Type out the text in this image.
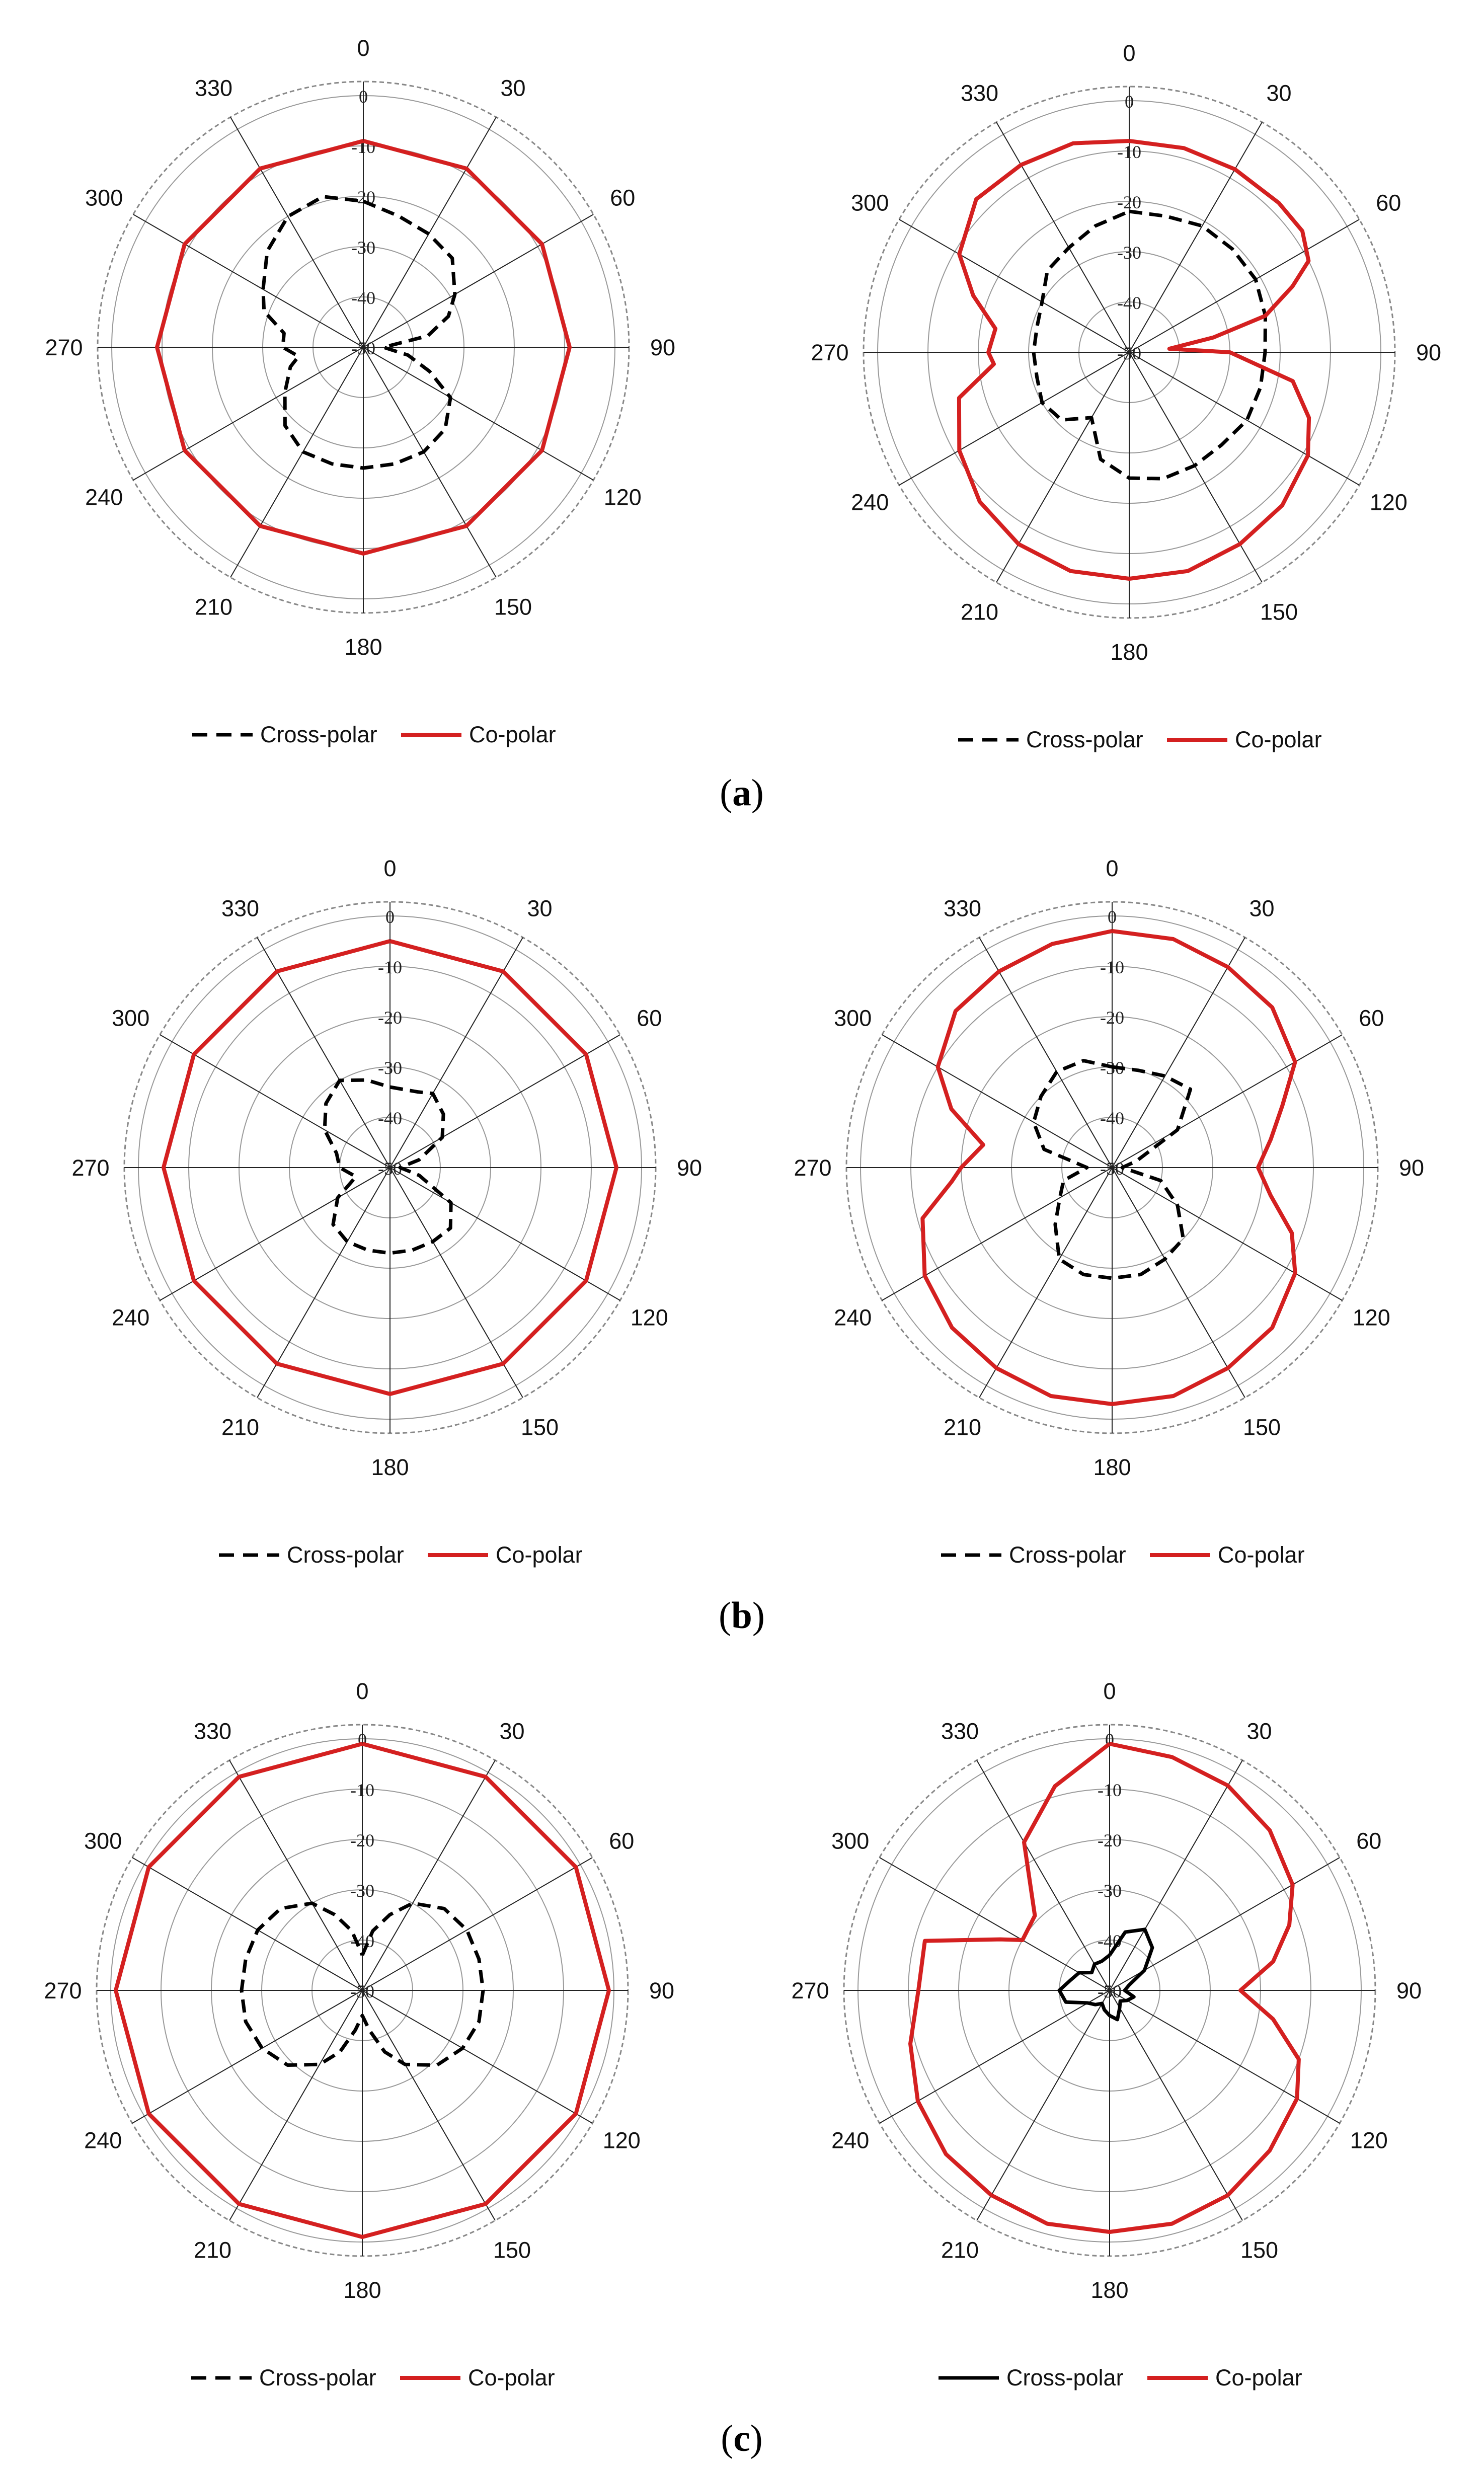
0
30
60
90
120
150
180
210
240
270
300
330	0
-10
-20
-30
-40
-50
Cross-polar	Co-polar
0
30
60
90
120
150
180
210
240
270
300
330	0
-10
-20
-30
-40
-50
Cross-polar	Co-polar
0
30
60
90
120
150
180
210
240
270
300
330	0
-10
-20
-30
-40
-50
Cross-polar	Co-polar
0
30
60
90
120
150
180
210
240
270
300
330	0
-10
-20
-30
-40
-50
Cross-polar	Co-polar
0
30
60
90
120
150
180
210
240
270
300
330	0
-10
-20
-30
-40
-50
Cross-polar	Co-polar
0
30
60
90
120
150
180
210
240
270
300
330	0
-10
-20
-30
-40
-50
Cross-polar	Co-polar
(a)
(b)
(c)
